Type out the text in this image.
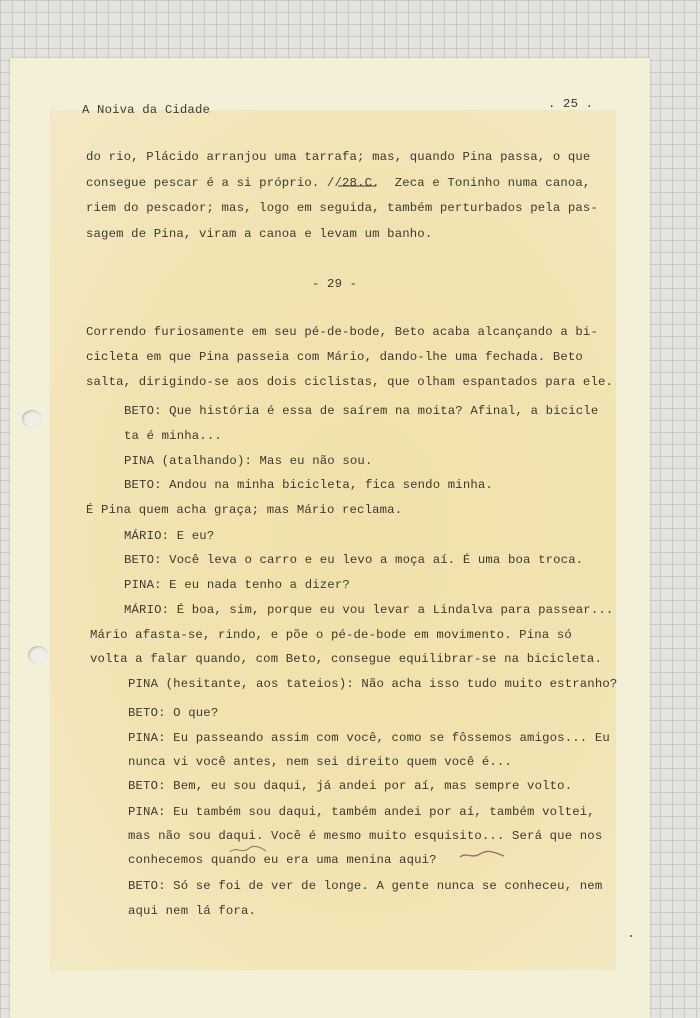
A Noiva da Cidade	. 25 .
do rio, Plácido arranjou uma tarrafa; mas, quando Pina passa, o que
consegue pescar é a si próprio. //28.C.  Zeca e Toninho numa canoa,
riem do pescador; mas, logo em seguida, também perturbados pela pas-
sagem de Pina, viram a canoa e levam um banho.
- 29 -
Correndo furiosamente em seu pé-de-bode, Beto acaba alcançando a bi-
cicleta em que Pina passeia com Mário, dando-lhe uma fechada. Beto
salta, dirigindo-se aos dois ciclistas, que olham espantados para ele.
BETO: Que história é essa de saírem na moita? Afinal, a bicicle
ta é minha...
PINA (atalhando): Mas eu não sou.
BETO: Andou na minha bicicleta, fica sendo minha.
É Pina quem acha graça; mas Mário reclama.
MÁRIO: E eu?
BETO: Você leva o carro e eu levo a moça aí. É uma boa troca.
PINA: E eu nada tenho a dizer?
MÁRIO: É boa, sim, porque eu vou levar a Lindalva para passear...
Mário afasta-se, rindo, e põe o pé-de-bode em movimento. Pina só
volta a falar quando, com Beto, consegue equilibrar-se na bicicleta.
PINA (hesitante, aos tateios): Não acha isso tudo muito estranho?
BETO: O que?
PINA: Eu passeando assim com você, como se fôssemos amigos... Eu
nunca vi você antes, nem sei direito quem você é...
BETO: Bem, eu sou daqui, já andei por aí, mas sempre volto.
PINA: Eu também sou daqui, também andei por aí, também voltei,
mas não sou daqui. Você é mesmo muito esquisito... Será que nos
conhecemos quando eu era uma menina aqui?
BETO: Só se foi de ver de longe. A gente nunca se conheceu, nem
aqui nem lá fora.
